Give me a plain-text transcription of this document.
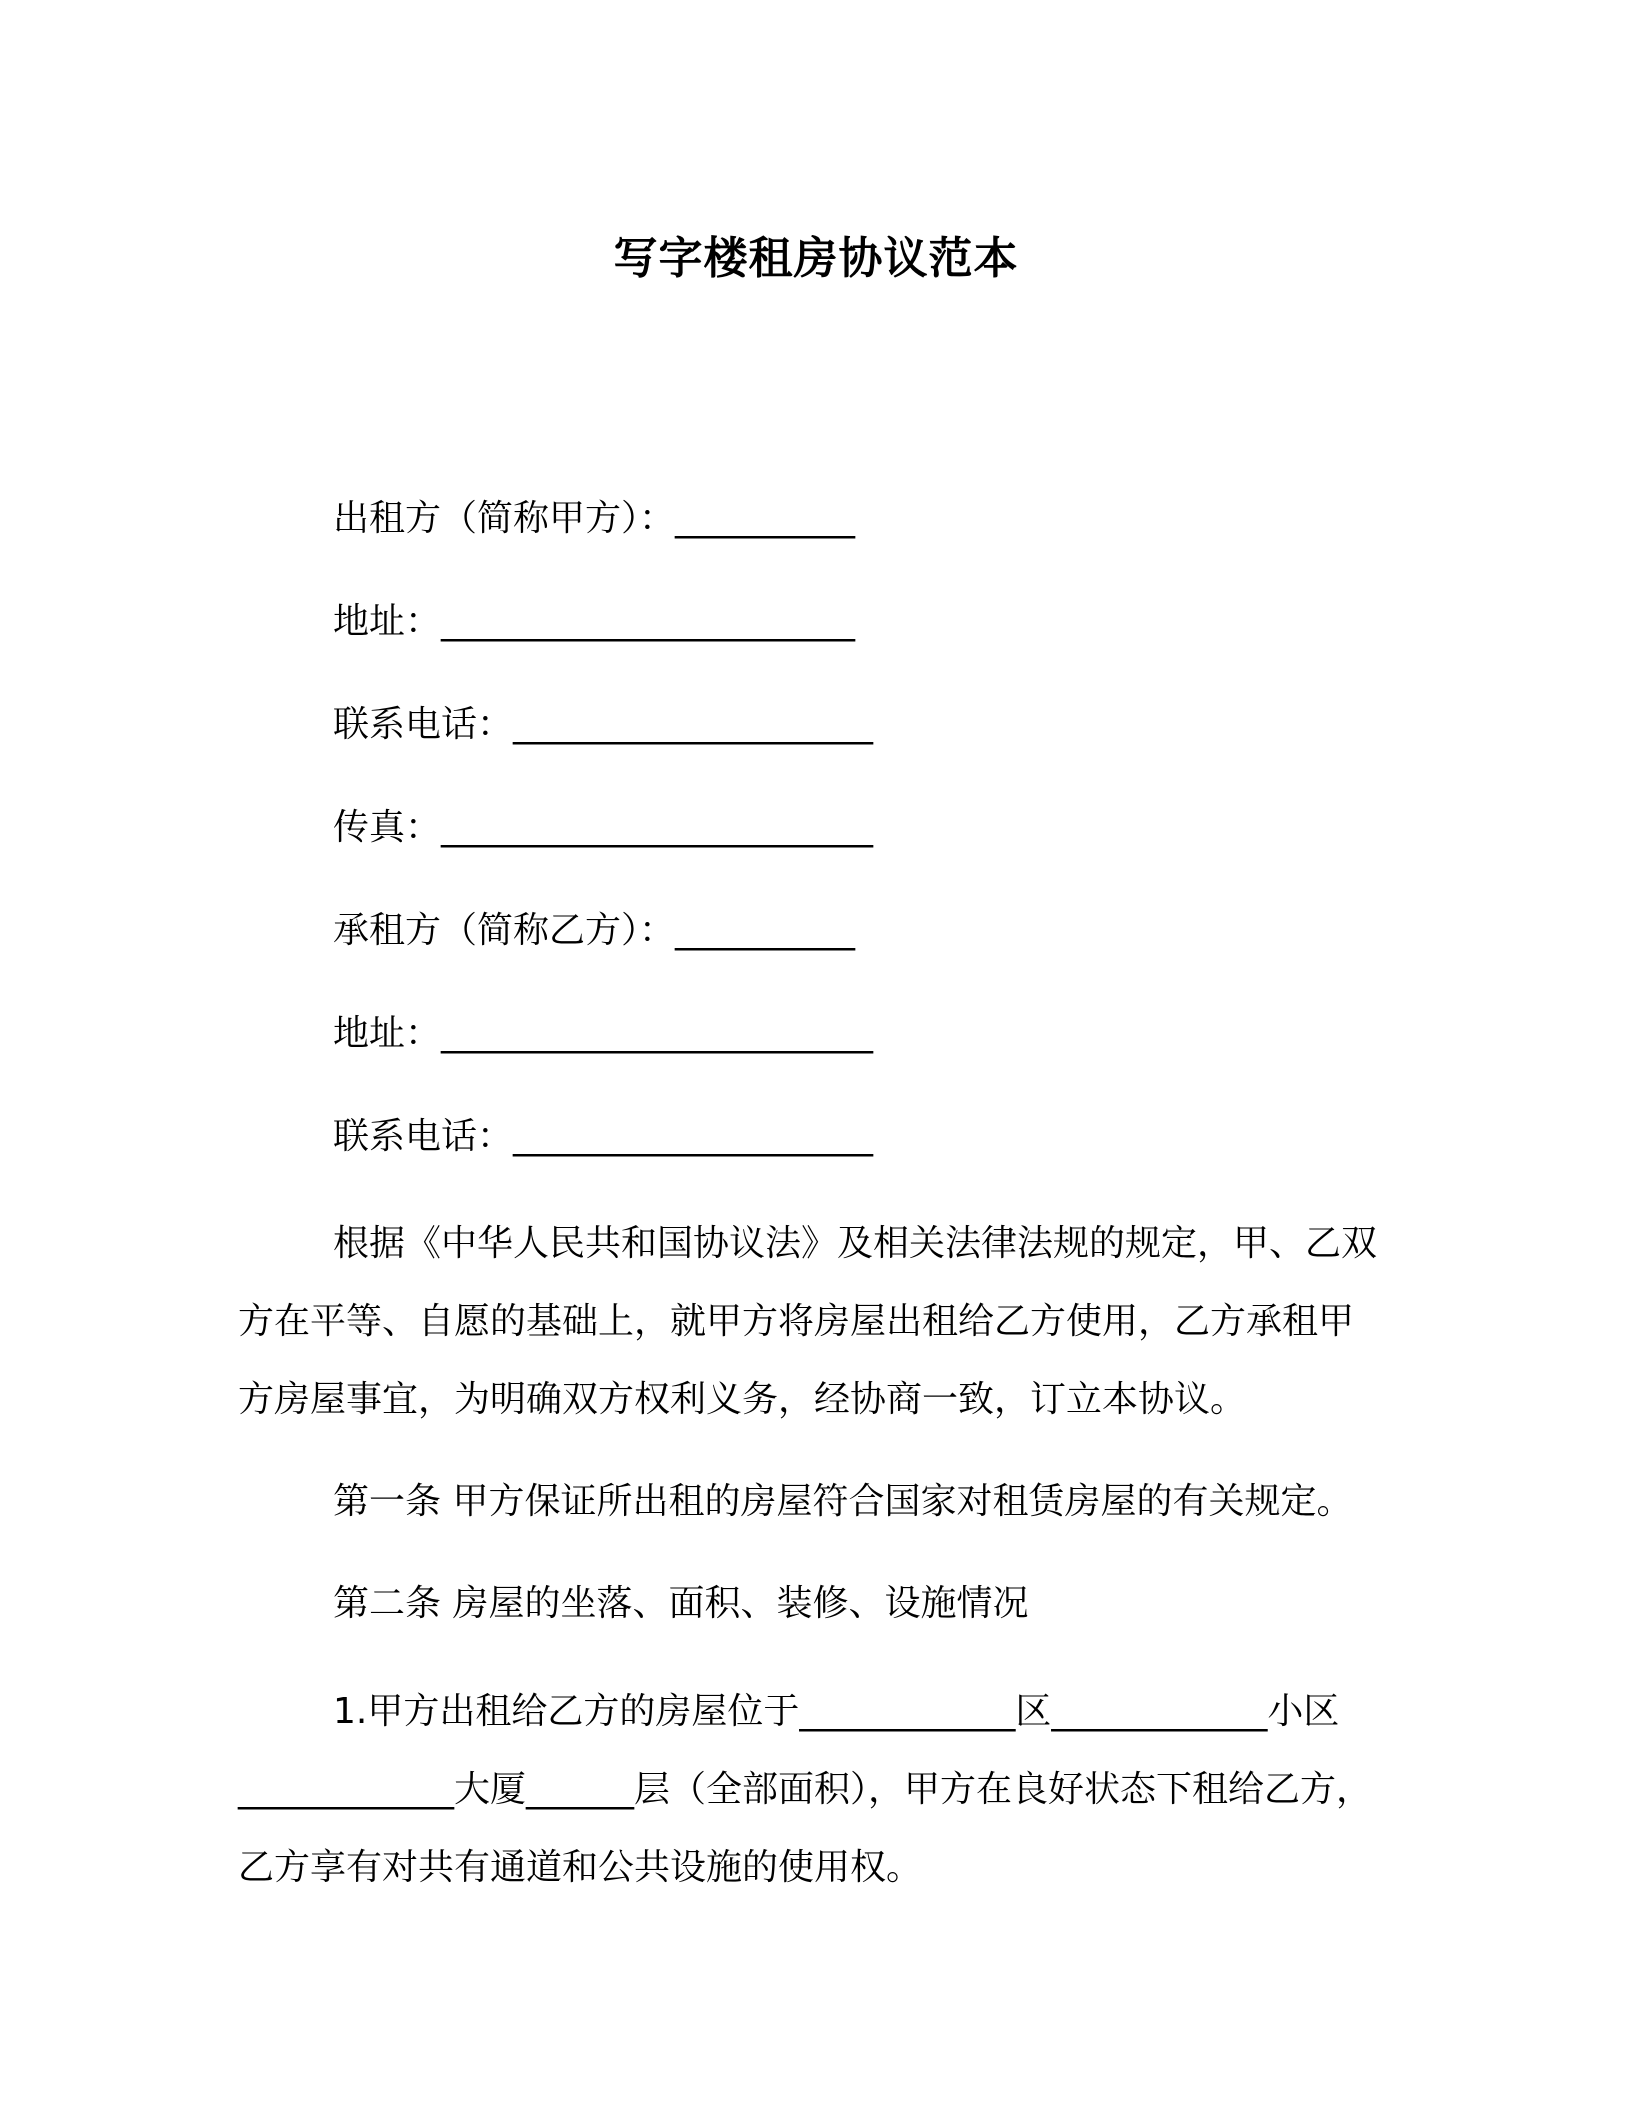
写字楼租房协议范本
出租方（简称甲方）：__________
地址：_______________________
联系电话：____________________
传真：________________________
承租方（简称乙方）：__________
地址：________________________
联系电话：____________________
根据《中华人民共和国协议法》及相关法律法规的规定，甲、乙双方在平等、自愿的基础上，就甲方将房屋出租给乙方使用，乙方承租甲方房屋事宜，为明确双方权利义务，经协商一致，订立本协议。
第一条 甲方保证所出租的房屋符合国家对租赁房屋的有关规定。
第二条 房屋的坐落、面积、装修、设施情况
1.甲方出租给乙方的房屋位于____________区____________小区____________大厦______层（全部面积），甲方在良好状态下租给乙方，乙方享有对共有通道和公共设施的使用权。
